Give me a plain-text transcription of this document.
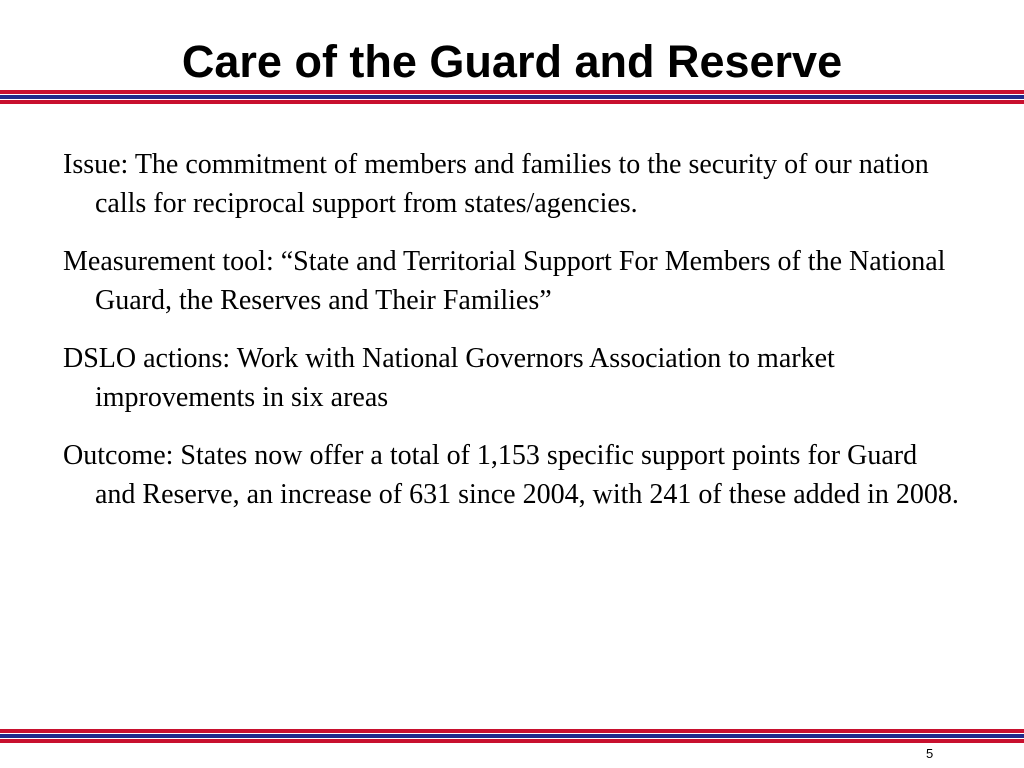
Care of the Guard and Reserve

Issue: The commitment of members and families to the security of our nation calls for reciprocal support from states/agencies.

Measurement tool: “State and Territorial Support For Members of the National Guard, the Reserves and Their Families”

DSLO actions: Work with National Governors Association to market improvements in six areas

Outcome: States now offer a total of 1,153 specific support points for Guard and Reserve, an increase of 631 since 2004, with 241 of these added in 2008.

5
